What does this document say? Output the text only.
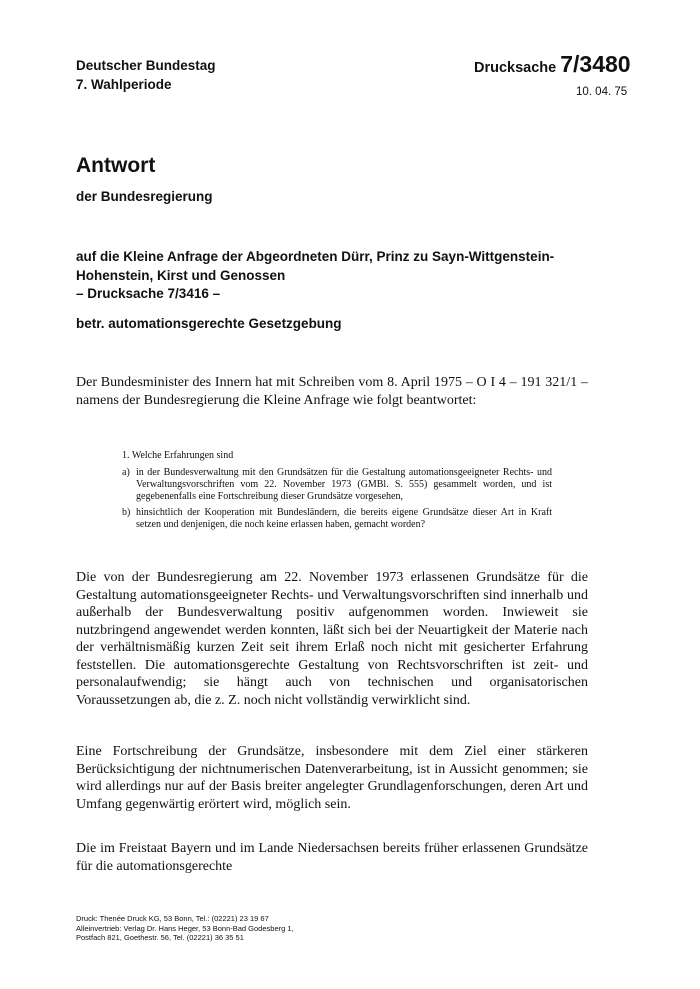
Deutscher Bundestag
7. Wahlperiode
Drucksache 7/3480
10. 04. 75
Antwort
der Bundesregierung
auf die Kleine Anfrage der Abgeordneten Dürr, Prinz zu Sayn-Wittgenstein-
Hohenstein, Kirst und Genossen
– Drucksache 7/3416 –
betr. automationsgerechte Gesetzgebung

Der Bundesminister des Innern hat mit Schreiben vom 8. April 1975 – O I 4 – 191 321/1 – namens der Bundesregierung die Kleine Anfrage wie folgt beantwortet:

1. Welche Erfahrungen sind
a) in der Bundesverwaltung mit den Grundsätzen für die Gestaltung automationsgeeigneter Rechts- und Verwaltungsvorschriften vom 22. November 1973 (GMBl. S. 555) gesammelt worden, und ist gegebenenfalls eine Fortschreibung dieser Grundsätze vorgesehen,
b) hinsichtlich der Kooperation mit Bundesländern, die bereits eigene Grundsätze dieser Art in Kraft setzen und denjenigen, die noch keine erlassen haben, gemacht worden?

Die von der Bundesregierung am 22. November 1973 erlassenen Grundsätze für die Gestaltung automationsgeeigneter Rechts- und Verwaltungsvorschriften sind innerhalb und außerhalb der Bundesverwaltung positiv aufgenommen worden. Inwieweit sie nutzbringend angewendet werden konnten, läßt sich bei der Neuartigkeit der Materie nach der verhältnismäßig kurzen Zeit seit ihrem Erlaß noch nicht mit gesicherter Erfahrung feststellen. Die automationsgerechte Gestaltung von Rechtsvorschriften ist zeit- und personalaufwendig; sie hängt auch von technischen und organisatorischen Voraussetzungen ab, die z. Z. noch nicht vollständig verwirklicht sind.

Eine Fortschreibung der Grundsätze, insbesondere mit dem Ziel einer stärkeren Berücksichtigung der nichtnumerischen Datenverarbeitung, ist in Aussicht genommen; sie wird allerdings nur auf der Basis breiter angelegter Grundlagenforschungen, deren Art und Umfang gegenwärtig erörtert wird, möglich sein.

Die im Freistaat Bayern und im Lande Niedersachsen bereits früher erlassenen Grundsätze für die automationsgerechte

Druck: Thenée Druck KG, 53 Bonn, Tel.: (02221) 23 19 67
Alleinvertrieb: Verlag Dr. Hans Heger, 53 Bonn-Bad Godesberg 1,
Postfach 821, Goethestr. 56, Tel. (02221) 36 35 51
